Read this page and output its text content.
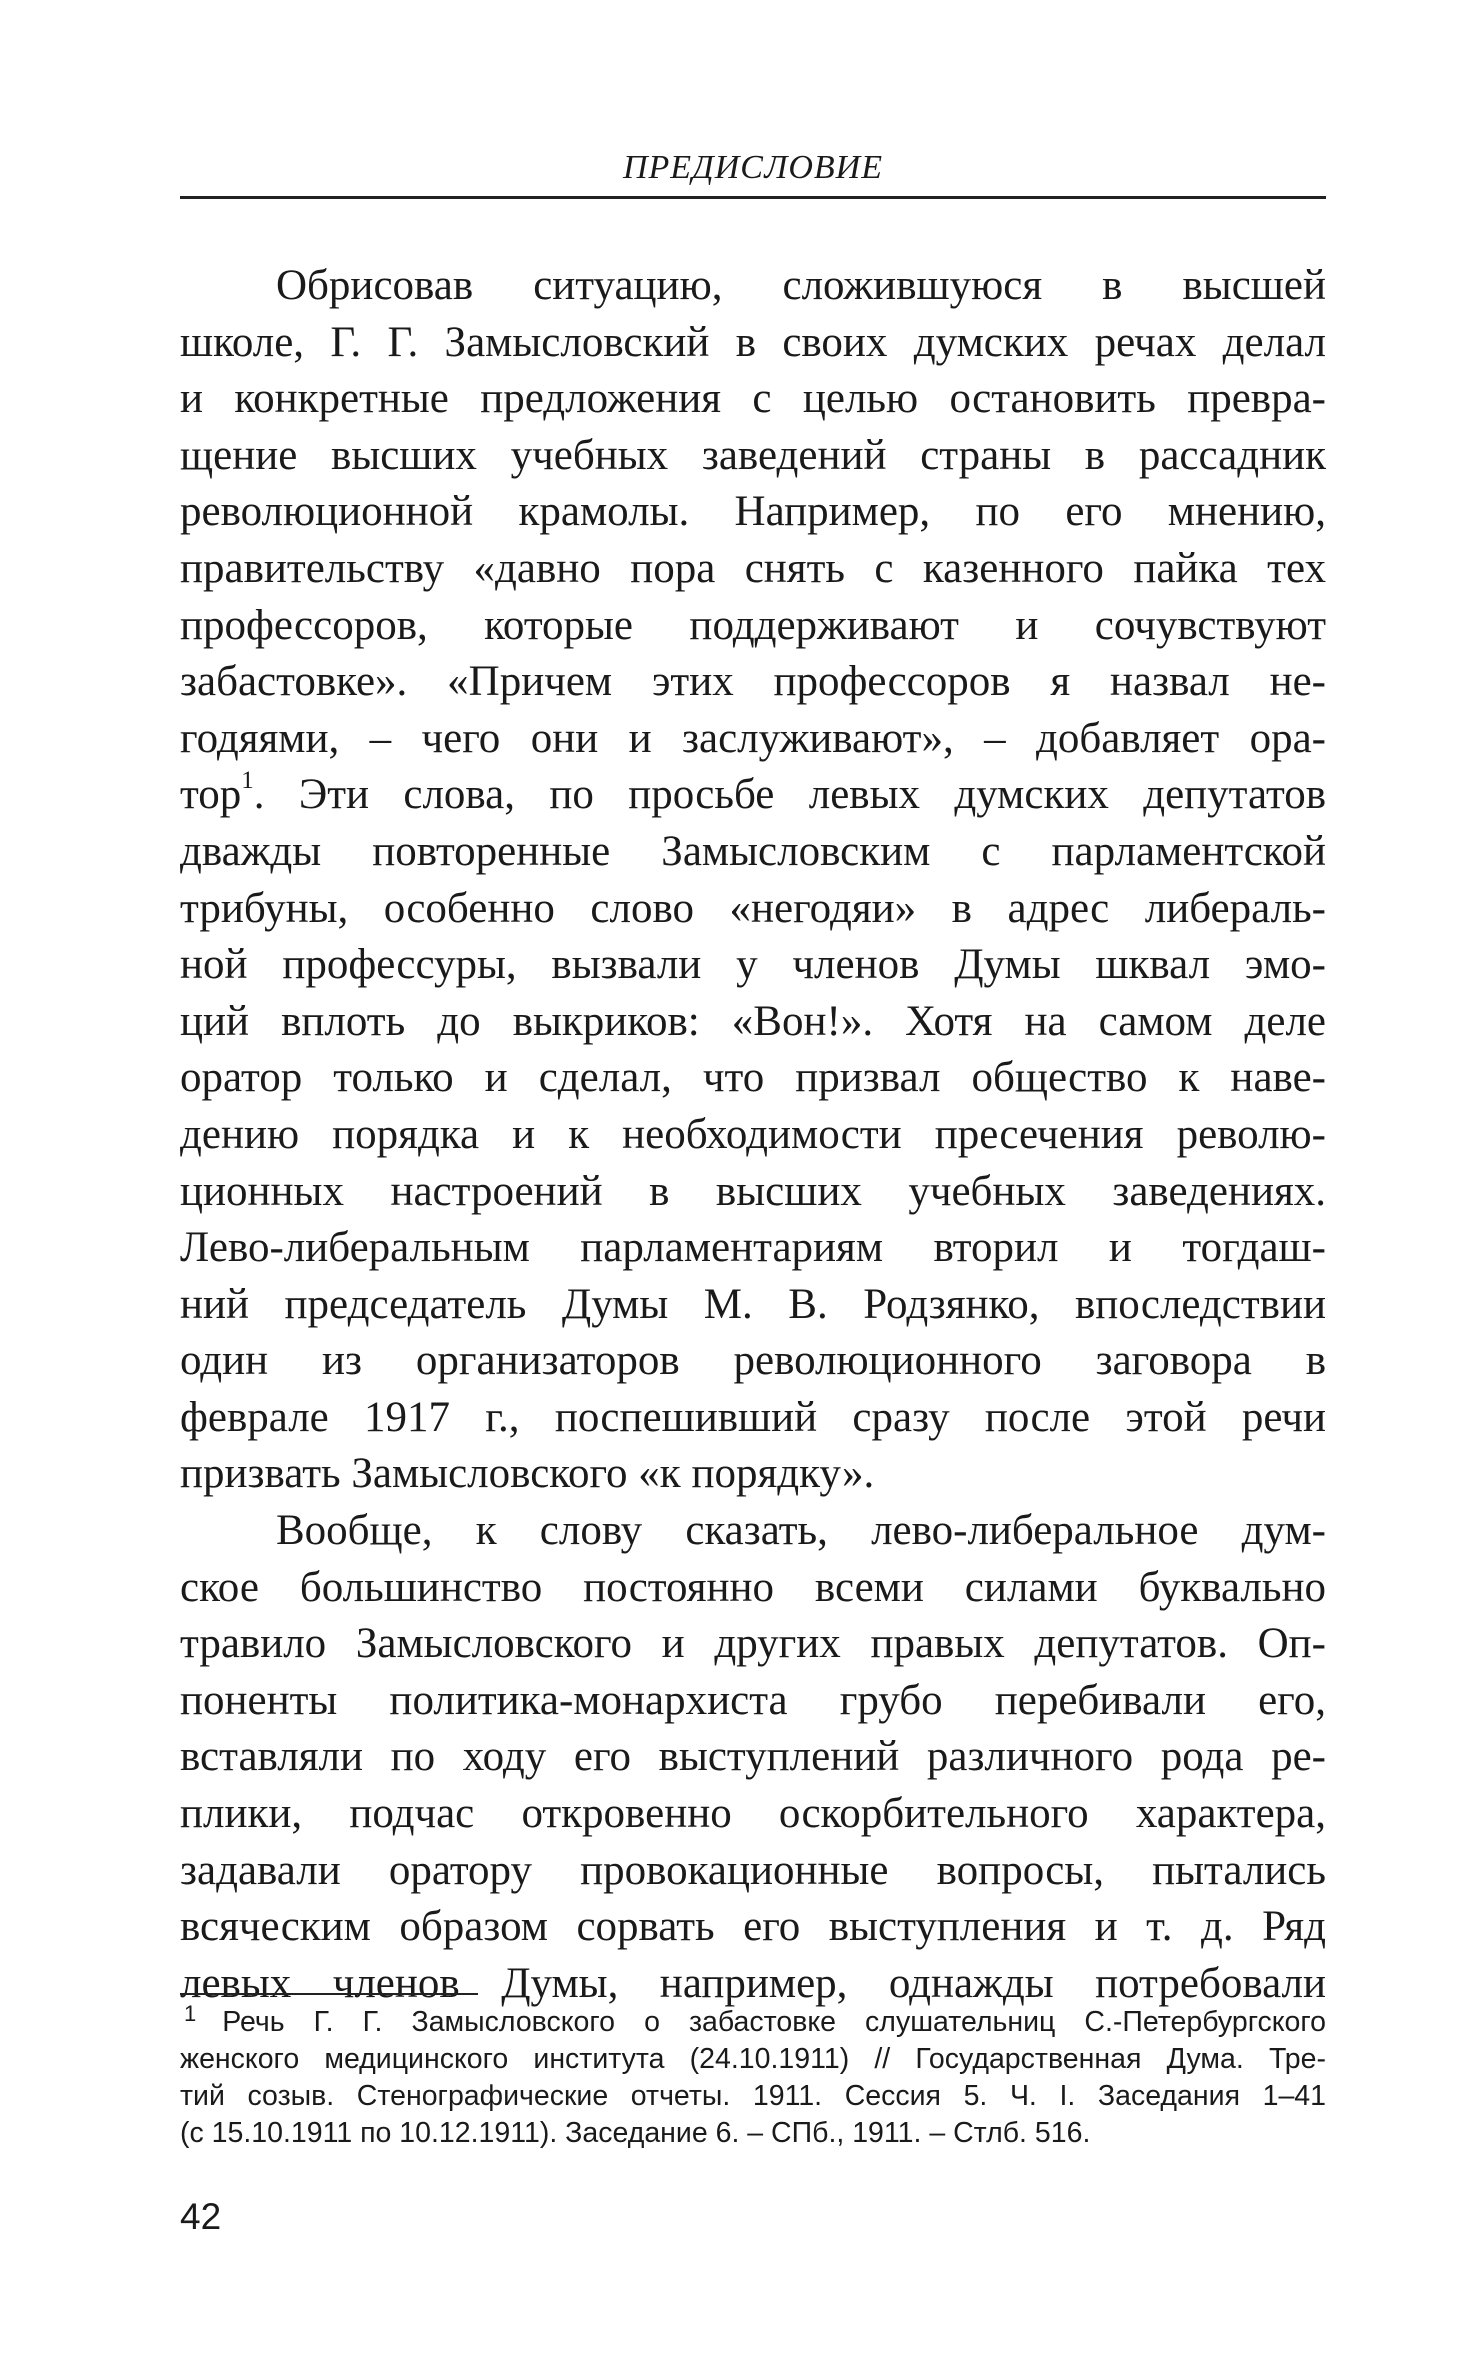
ПРЕДИСЛОВИЕ
Обрисовав ситуацию, сложившуюся в высшей
школе, Г. Г. Замысловский в своих думских речах делал
и конкретные предложения с целью остановить превра-
щение высших учебных заведений страны в рассадник
революционной крамолы. Например, по его мнению,
правительству «давно пора снять с казенного пайка тех
профессоров, которые поддерживают и сочувствуют
забастовке». «Причем этих профессоров я назвал не-
годяями, – чего они и заслуживают», – добавляет ора-
тор$^1$. Эти слова, по просьбе левых думских депутатов
дважды повторенные Замысловским с парламентской
трибуны, особенно слово «негодяи» в адрес либераль-
ной профессуры, вызвали у членов Думы шквал эмо-
ций вплоть до выкриков: «Вон!». Хотя на самом деле
оратор только и сделал, что призвал общество к наве-
дению порядка и к необходимости пресечения револю-
ционных настроений в высших учебных заведениях.
Лево-либеральным парламентариям вторил и тогдаш-
ний председатель Думы М. В. Родзянко, впоследствии
один из организаторов революционного заговора в
феврале 1917 г., поспешивший сразу после этой речи
призвать Замысловского «к порядку».
Вообще, к слову сказать, лево-либеральное дум-
ское большинство постоянно всеми силами буквально
травило Замысловского и других правых депутатов. Оп-
поненты политика-монархиста грубо перебивали его,
вставляли по ходу его выступлений различного рода ре-
плики, подчас откровенно оскорбительного характера,
задавали оратору провокационные вопросы, пытались
всяческим образом сорвать его выступления и т. д. Ряд
левых членов Думы, например, однажды потребовали
$^1$ Речь Г. Г. Замысловского о забастовке слушательниц С.-Петербургского
женского медицинского института (24.10.1911) // Государственная Дума. Тре-
тий созыв. Стенографические отчеты. 1911. Сессия 5. Ч. I. Заседания 1–41
(с 15.10.1911 по 10.12.1911). Заседание 6. – СПб., 1911. – Стлб. 516.
42
